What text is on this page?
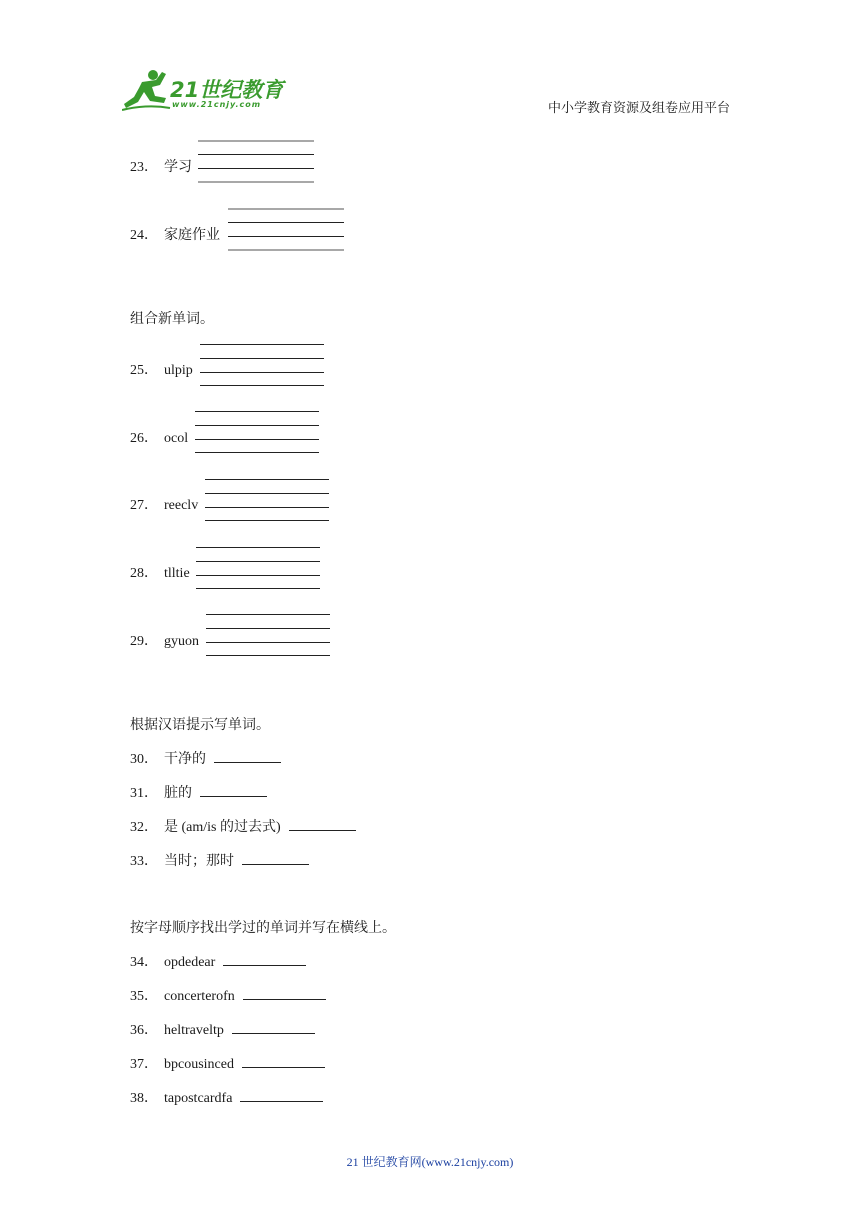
21世纪教育
www.21cnjy.com	中小学教育资源及组卷应用平台
23． 学习
24． 家庭作业
组合新单词。
25． ulpip
26． ocol
27． reeclv
28． tlltie
29． gyuon
根据汉语提示写单词。
30． 干净的
31． 脏的
32． 是 (am/is 的过去式)
33． 当时；那时
按字母顺序找出学过的单词并写在横线上。
34． opdedear
35． concerterofn
36． heltraveltp
37． bpcousinced
38． tapostcardfa
21 世纪教育网(www.21cnjy.com)
